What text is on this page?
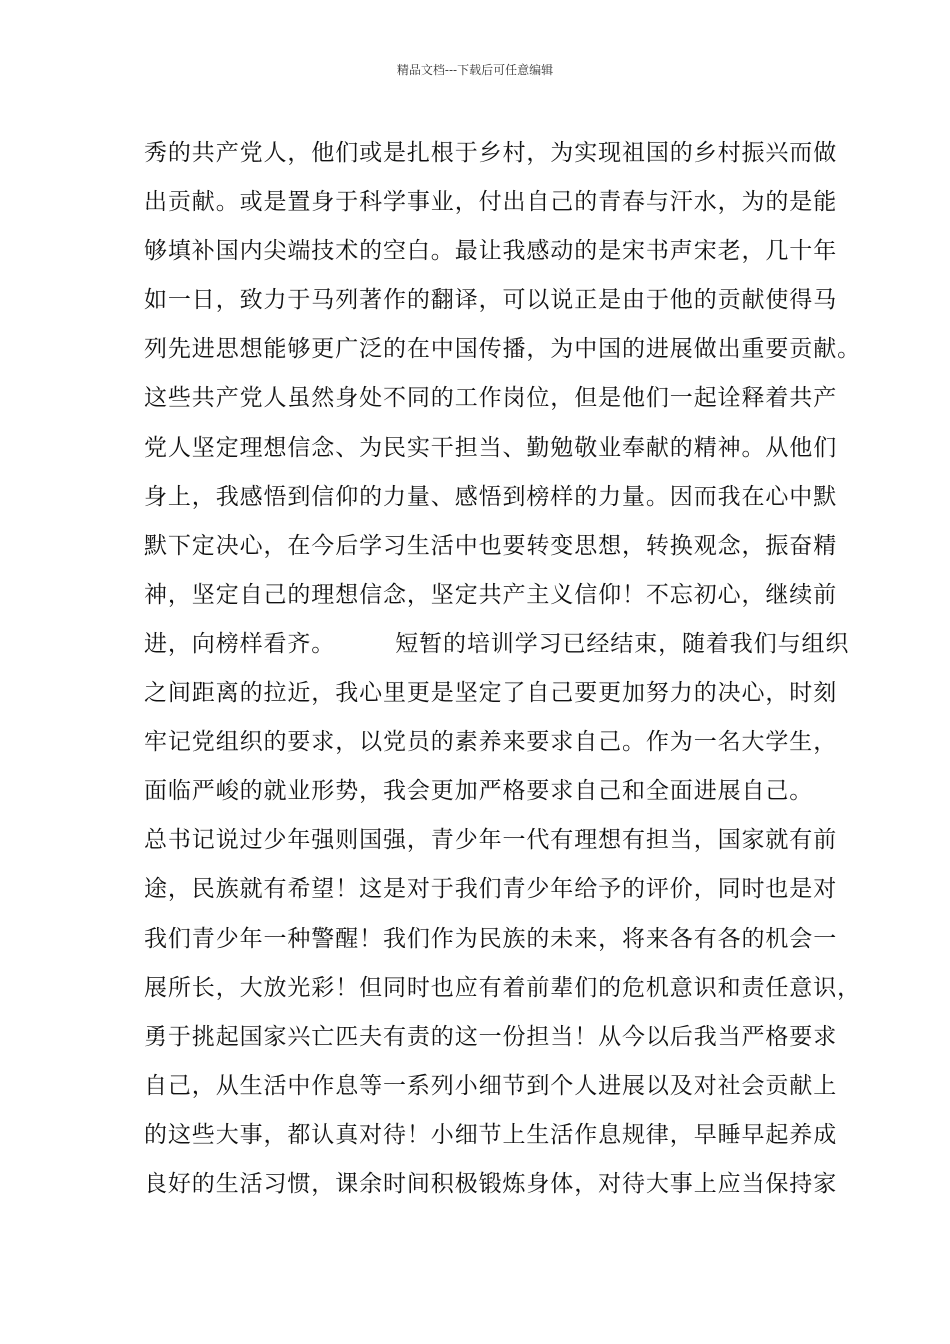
精品文档---下载后可任意编辑
秀的共产党人，他们或是扎根于乡村，为实现祖国的乡村振兴而做
出贡献。或是置身于科学事业，付出自己的青春与汗水，为的是能
够填补国内尖端技术的空白。最让我感动的是宋书声宋老，几十年
如一日，致力于马列著作的翻译，可以说正是由于他的贡献使得马
列先进思想能够更广泛的在中国传播，为中国的进展做出重要贡献。
这些共产党人虽然身处不同的工作岗位，但是他们一起诠释着共产
党人坚定理想信念、为民实干担当、勤勉敬业奉献的精神。从他们
身上，我感悟到信仰的力量、感悟到榜样的力量。因而我在心中默
默下定决心，在今后学习生活中也要转变思想，转换观念，振奋精
神，坚定自己的理想信念，坚定共产主义信仰！不忘初心，继续前
进，向榜样看齐。	短暂的培训学习已经结束，随着我们与组织
之间距离的拉近，我心里更是坚定了自己要更加努力的决心，时刻
牢记党组织的要求，以党员的素养来要求自己。作为一名大学生，
面临严峻的就业形势，我会更加严格要求自己和全面进展自己。
总书记说过少年强则国强，青少年一代有理想有担当，国家就有前
途，民族就有希望！这是对于我们青少年给予的评价，同时也是对
我们青少年一种警醒！我们作为民族的未来，将来各有各的机会一
展所长，大放光彩！但同时也应有着前辈们的危机意识和责任意识，
勇于挑起国家兴亡匹夫有责的这一份担当！从今以后我当严格要求
自己，从生活中作息等一系列小细节到个人进展以及对社会贡献上
的这些大事，都认真对待！小细节上生活作息规律，早睡早起养成
良好的生活习惯，课余时间积极锻炼身体，对待大事上应当保持家
